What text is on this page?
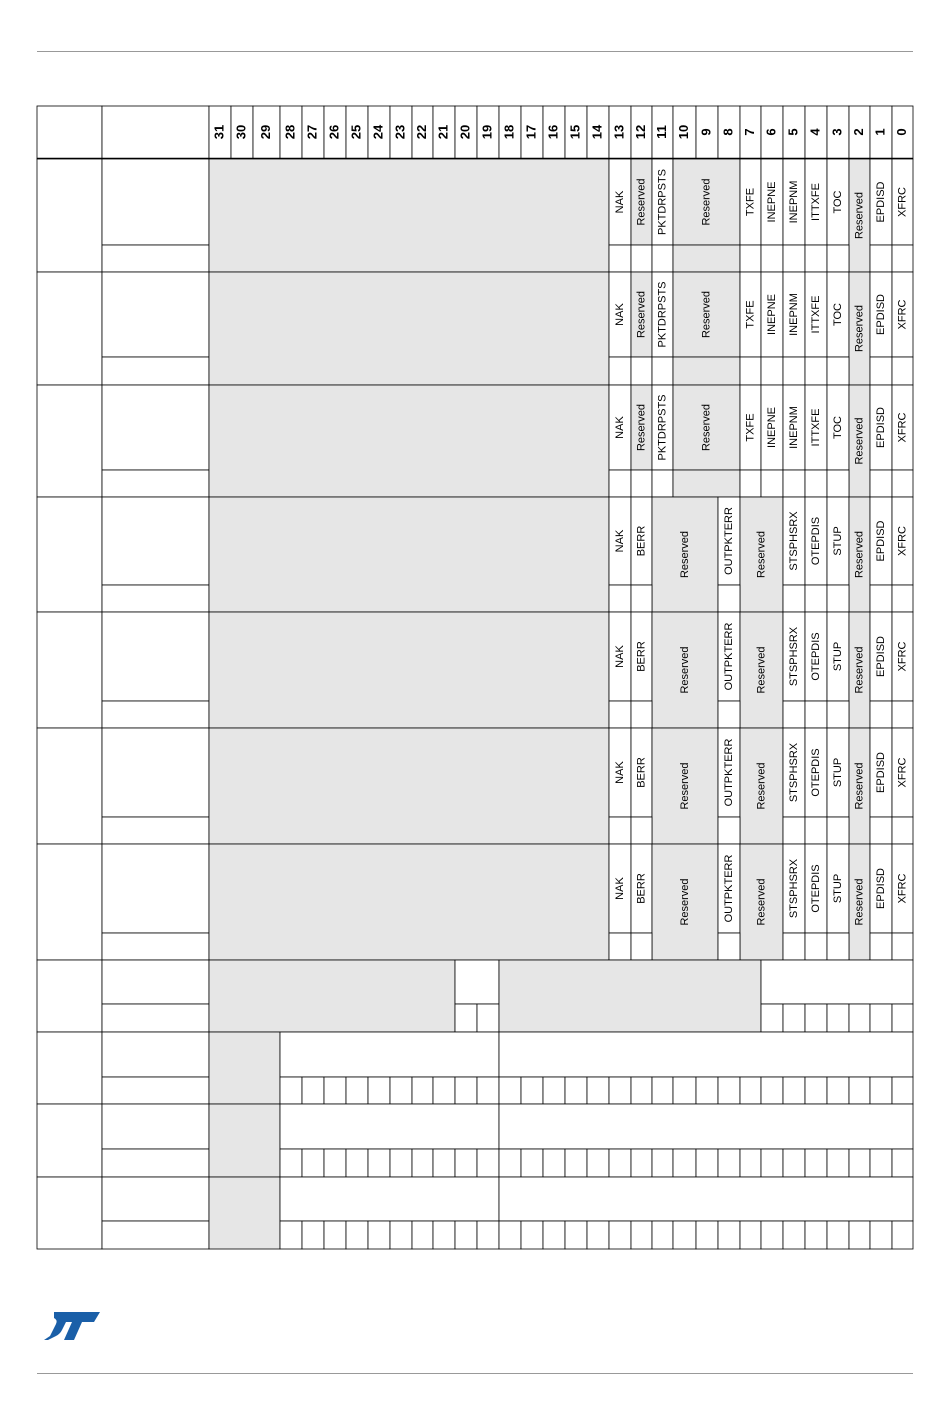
31 30 29 28 27 26 25 24 23 22 21 20 19 18 17 16 15 14 13 12 11 10 9 8 7 6 5 4 3 2 1 0
NAK Reserved PKTDRPSTS	Reserved	TXFE INEPNE INEPNM ITTXFE TOC Reserved EPDISD XFRC
NAK Reserved PKTDRPSTS	Reserved	TXFE INEPNE INEPNM ITTXFE TOC Reserved EPDISD XFRC
NAK Reserved PKTDRPSTS	Reserved	TXFE INEPNE INEPNM ITTXFE TOC Reserved EPDISD XFRC
NAK BERR	Reserved	OUTPKTERR Reserved STSPHSRX OTEPDIS STUP Reserved EPDISD XFRC
NAK BERR	Reserved	OUTPKTERR Reserved STSPHSRX OTEPDIS STUP Reserved EPDISD XFRC
NAK BERR	Reserved	OUTPKTERR Reserved STSPHSRX OTEPDIS STUP Reserved EPDISD XFRC
NAK BERR	Reserved	OUTPKTERR Reserved STSPHSRX OTEPDIS STUP Reserved EPDISD XFRC
